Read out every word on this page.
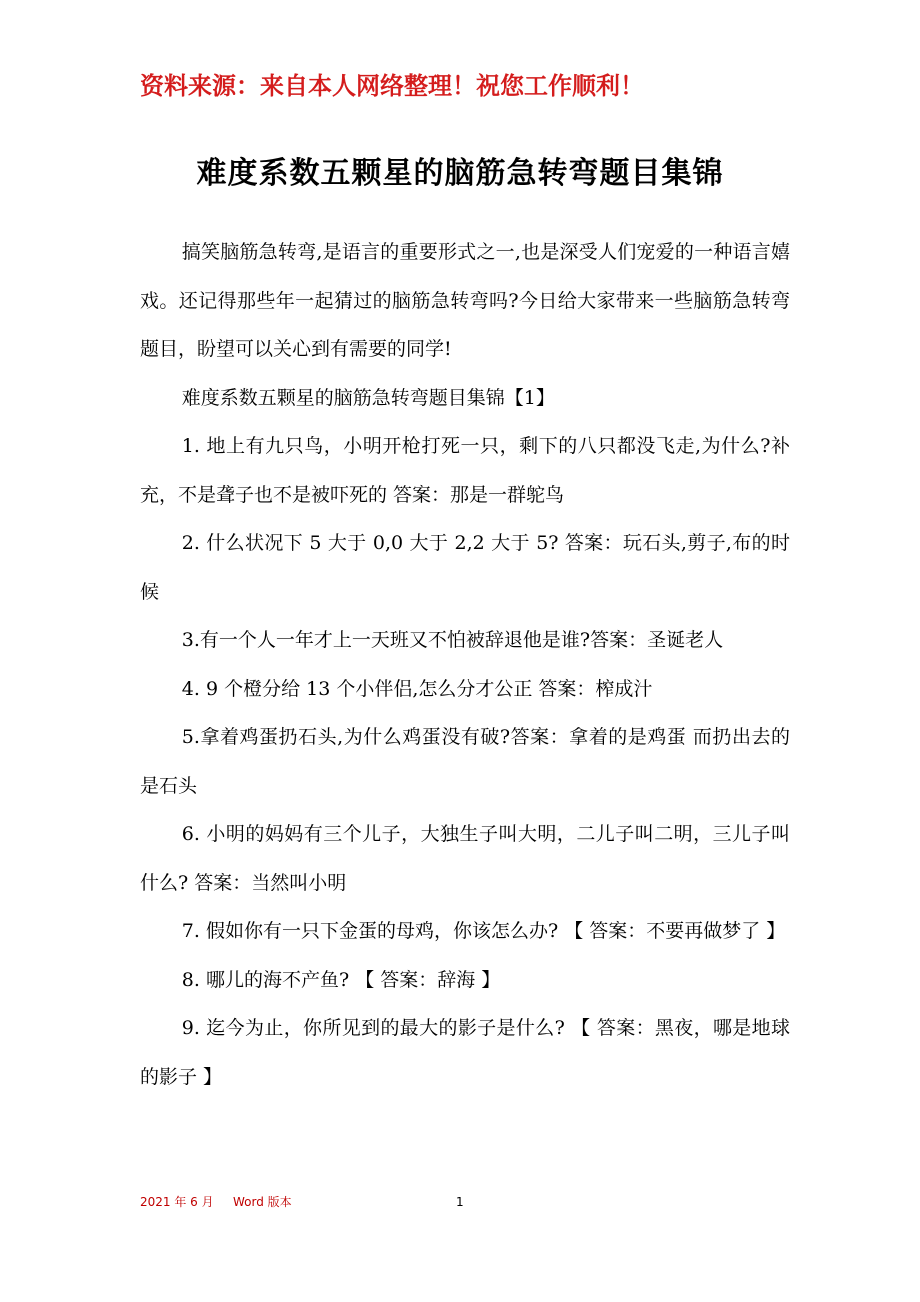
资料来源：来自本人网络整理！祝您工作顺利！
难度系数五颗星的脑筋急转弯题目集锦

搞笑脑筋急转弯,是语言的重要形式之一,也是深受人们宠爱的一种语言嬉戏。还记得那些年一起猜过的脑筋急转弯吗?今日给大家带来一些脑筋急转弯题目，盼望可以关心到有需要的同学!

难度系数五颗星的脑筋急转弯题目集锦【1】

1. 地上有九只鸟，小明开枪打死一只，剩下的八只都没飞走,为什么?补充，不是聋子也不是被吓死的 答案：那是一群鸵鸟

2. 什么状况下 5 大于 0,0 大于 2,2 大于 5? 答案：玩石头,剪子,布的时候

3.有一个人一年才上一天班又不怕被辞退他是谁?答案：圣诞老人

4. 9 个橙分给 13 个小伴侣,怎么分才公正 答案：榨成汁

5.拿着鸡蛋扔石头,为什么鸡蛋没有破?答案：拿着的是鸡蛋 而扔出去的是石头

6. 小明的妈妈有三个儿子，大独生子叫大明，二儿子叫二明，三儿子叫什么? 答案：当然叫小明

7. 假如你有一只下金蛋的母鸡，你该怎么办? 【 答案：不要再做梦了 】

8. 哪儿的海不产鱼? 【 答案：辞海 】

9. 迄今为止，你所见到的最大的影子是什么? 【 答案：黑夜，哪是地球的影子 】

2021 年 6 月 Word 版本	1
